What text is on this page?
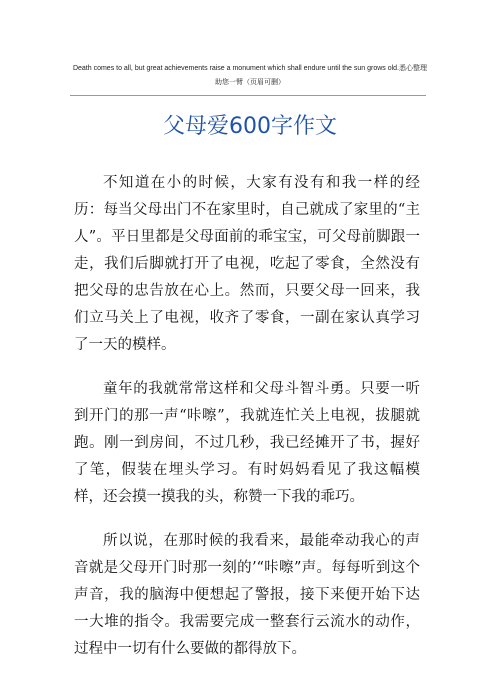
Death comes to all, but great achievements raise a monument which shall endure until the sun grows old.悉心整理　助您一臂（页眉可删）
父母爱600字作文

不知道在小的时候，大家有没有和我一样的经历：每当父母出门不在家里时，自己就成了家里的“主人”。平日里都是父母面前的乖宝宝，可父母前脚跟一走，我们后脚就打开了电视，吃起了零食，全然没有把父母的忠告放在心上。然而，只要父母一回来，我们立马关上了电视，收齐了零食，一副在家认真学习了一天的模样。

童年的我就常常这样和父母斗智斗勇。只要一听到开门的那一声“咔嚓”，我就连忙关上电视，拔腿就跑。刚一到房间，不过几秒，我已经摊开了书，握好了笔，假装在埋头学习。有时妈妈看见了我这幅模样，还会摸一摸我的头，称赞一下我的乖巧。

所以说，在那时候的我看来，最能牵动我心的声音就是父母开门时那一刻的’“咔嚓”声。每每听到这个声音，我的脑海中便想起了警报，接下来便开始下达一大堆的指令。我需要完成一整套行云流水的动作，过程中一切有什么要做的都得放下。
